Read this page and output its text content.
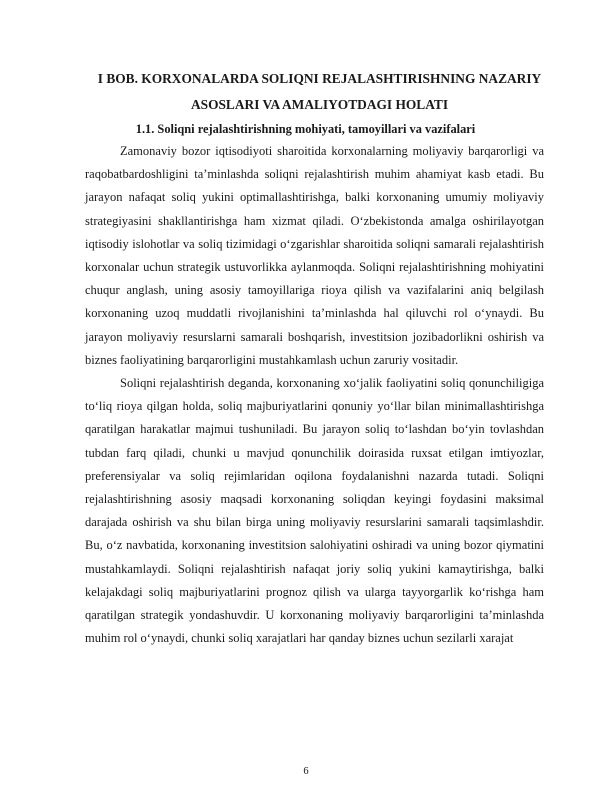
I BOB. KORXONALARDA SOLIQNI REJALASHTIRISHNING NAZARIY ASOSLARI VA AMALIYOTDAGI HOLATI
1.1. Soliqni rejalashtirishning mohiyati, tamoyillari va vazifalari

Zamonaviy bozor iqtisodiyoti sharoitida korxonalarning moliyaviy barqarorligi va raqobatbardoshligini ta’minlashda soliqni rejalashtirish muhim ahamiyat kasb etadi. Bu jarayon nafaqat soliq yukini optimallashtirishga, balki korxonaning umumiy moliyaviy strategiyasini shakllantirishga ham xizmat qiladi. O‘zbekistonda amalga oshirilayotgan iqtisodiy islohotlar va soliq tizimidagi o‘zgarishlar sharoitida soliqni samarali rejalashtirish korxonalar uchun strategik ustuvorlikka aylanmoqda. Soliqni rejalashtirishning mohiyatini chuqur anglash, uning asosiy tamoyillariga rioya qilish va vazifalarini aniq belgilash korxonaning uzoq muddatli rivojlanishini ta’minlashda hal qiluvchi rol o‘ynaydi. Bu jarayon moliyaviy resurslarni samarali boshqarish, investitsion jozibadorlikni oshirish va biznes faoliyatining barqarorligini mustahkamlash uchun zaruriy vositadir.

Soliqni rejalashtirish deganda, korxonaning xo‘jalik faoliyatini soliq qonunchiligiga to‘liq rioya qilgan holda, soliq majburiyatlarini qonuniy yo‘llar bilan minimallashtirishga qaratilgan harakatlar majmui tushuniladi. Bu jarayon soliq to‘lashdan bo‘yin tovlashdan tubdan farq qiladi, chunki u mavjud qonunchilik doirasida ruxsat etilgan imtiyozlar, preferensiyalar va soliq rejimlaridan oqilona foydalanishni nazarda tutadi. Soliqni rejalashtirishning asosiy maqsadi korxonaning soliqdan keyingi foydasini maksimal darajada oshirish va shu bilan birga uning moliyaviy resurslarini samarali taqsimlashdir. Bu, o‘z navbatida, korxonaning investitsion salohiyatini oshiradi va uning bozor qiymatini mustahkamlaydi. Soliqni rejalashtirish nafaqat joriy soliq yukini kamaytirishga, balki kelajakdagi soliq majburiyatlarini prognoz qilish va ularga tayyorgarlik ko‘rishga ham qaratilgan strategik yondashuvdir. U korxonaning moliyaviy barqarorligini ta’minlashda muhim rol o‘ynaydi, chunki soliq xarajatlari har qanday biznes uchun sezilarli xarajat

6
